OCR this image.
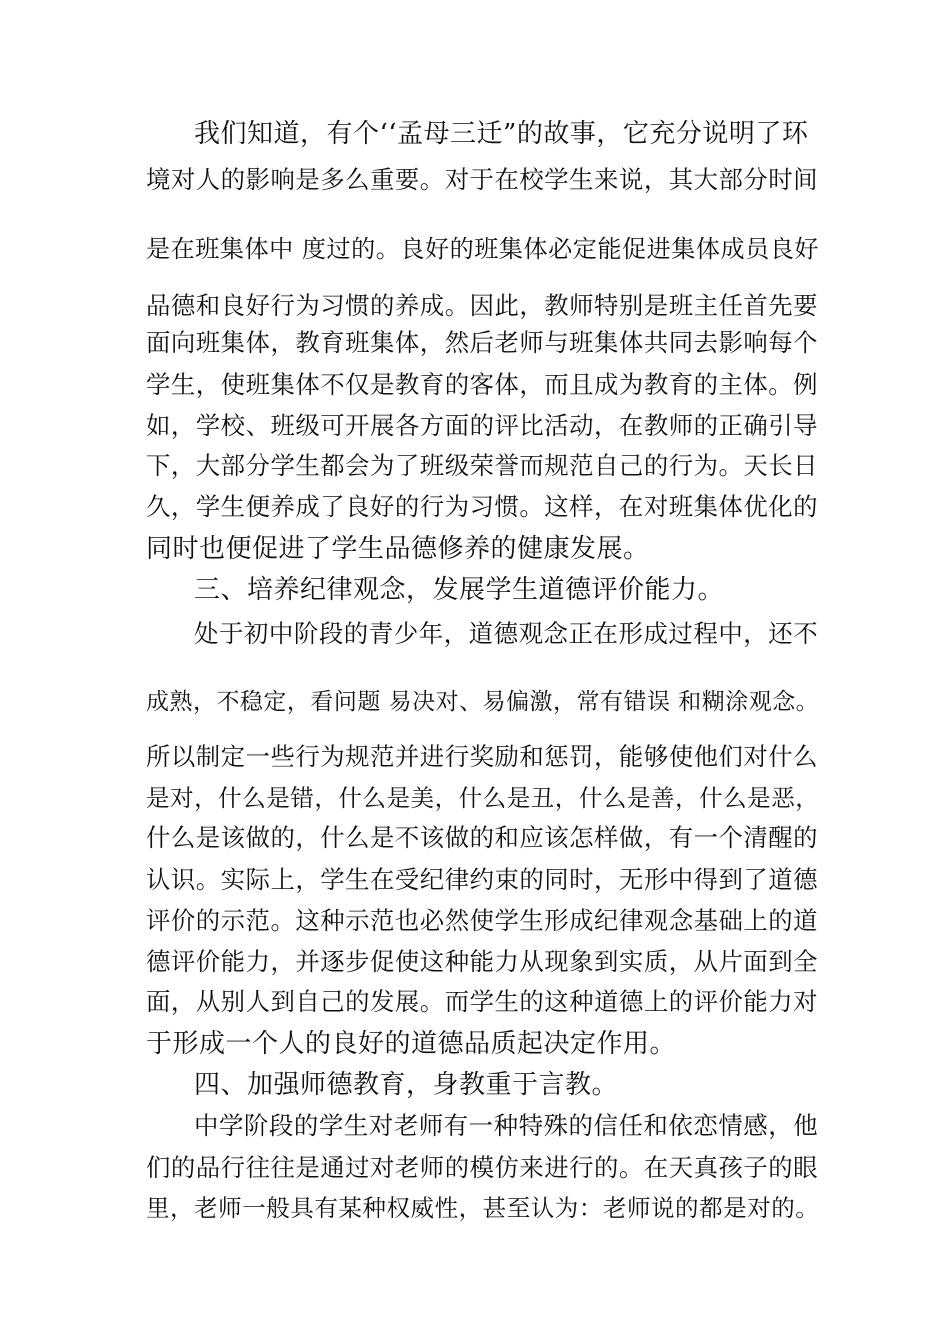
我们知道，有个‘‘孟母三迁”的故事，它充分说明了环
境对人的影响是多么重要。对于在校学生来说，其大部分时间
是在班集体中 度过的。良好的班集体必定能促进集体成员良好
品德和良好行为习惯的养成。因此，教师特别是班主任首先要
面向班集体，教育班集体，然后老师与班集体共同去影响每个
学生，使班集体不仅是教育的客体，而且成为教育的主体。例
如，学校、班级可开展各方面的评比活动，在教师的正确引导
下，大部分学生都会为了班级荣誉而规范自己的行为。天长日
久，学生便养成了良好的行为习惯。这样，在对班集体优化的
同时也便促进了学生品德修养的健康发展。
三、培养纪律观念，发展学生道德评价能力。
处于初中阶段的青少年，道德观念正在形成过程中，还不
成熟，不稳定，看问题 易决对、易偏激，常有错误 和糊涂观念。
所以制定一些行为规范并进行奖励和惩罚，能够使他们对什么
是对，什么是错，什么是美，什么是丑，什么是善，什么是恶，
什么是该做的，什么是不该做的和应该怎样做，有一个清醒的
认识。实际上，学生在受纪律约束的同时，无形中得到了道德
评价的示范。这种示范也必然使学生形成纪律观念基础上的道
德评价能力，并逐步促使这种能力从现象到实质，从片面到全
面，从别人到自己的发展。而学生的这种道德上的评价能力对
于形成一个人的良好的道德品质起决定作用。
四、加强师德教育，身教重于言教。
中学阶段的学生对老师有一种特殊的信任和依恋情感，他
们的品行往往是通过对老师的模仿来进行的。在天真孩子的眼
里，老师一般具有某种权威性，甚至认为：老师说的都是对的。
